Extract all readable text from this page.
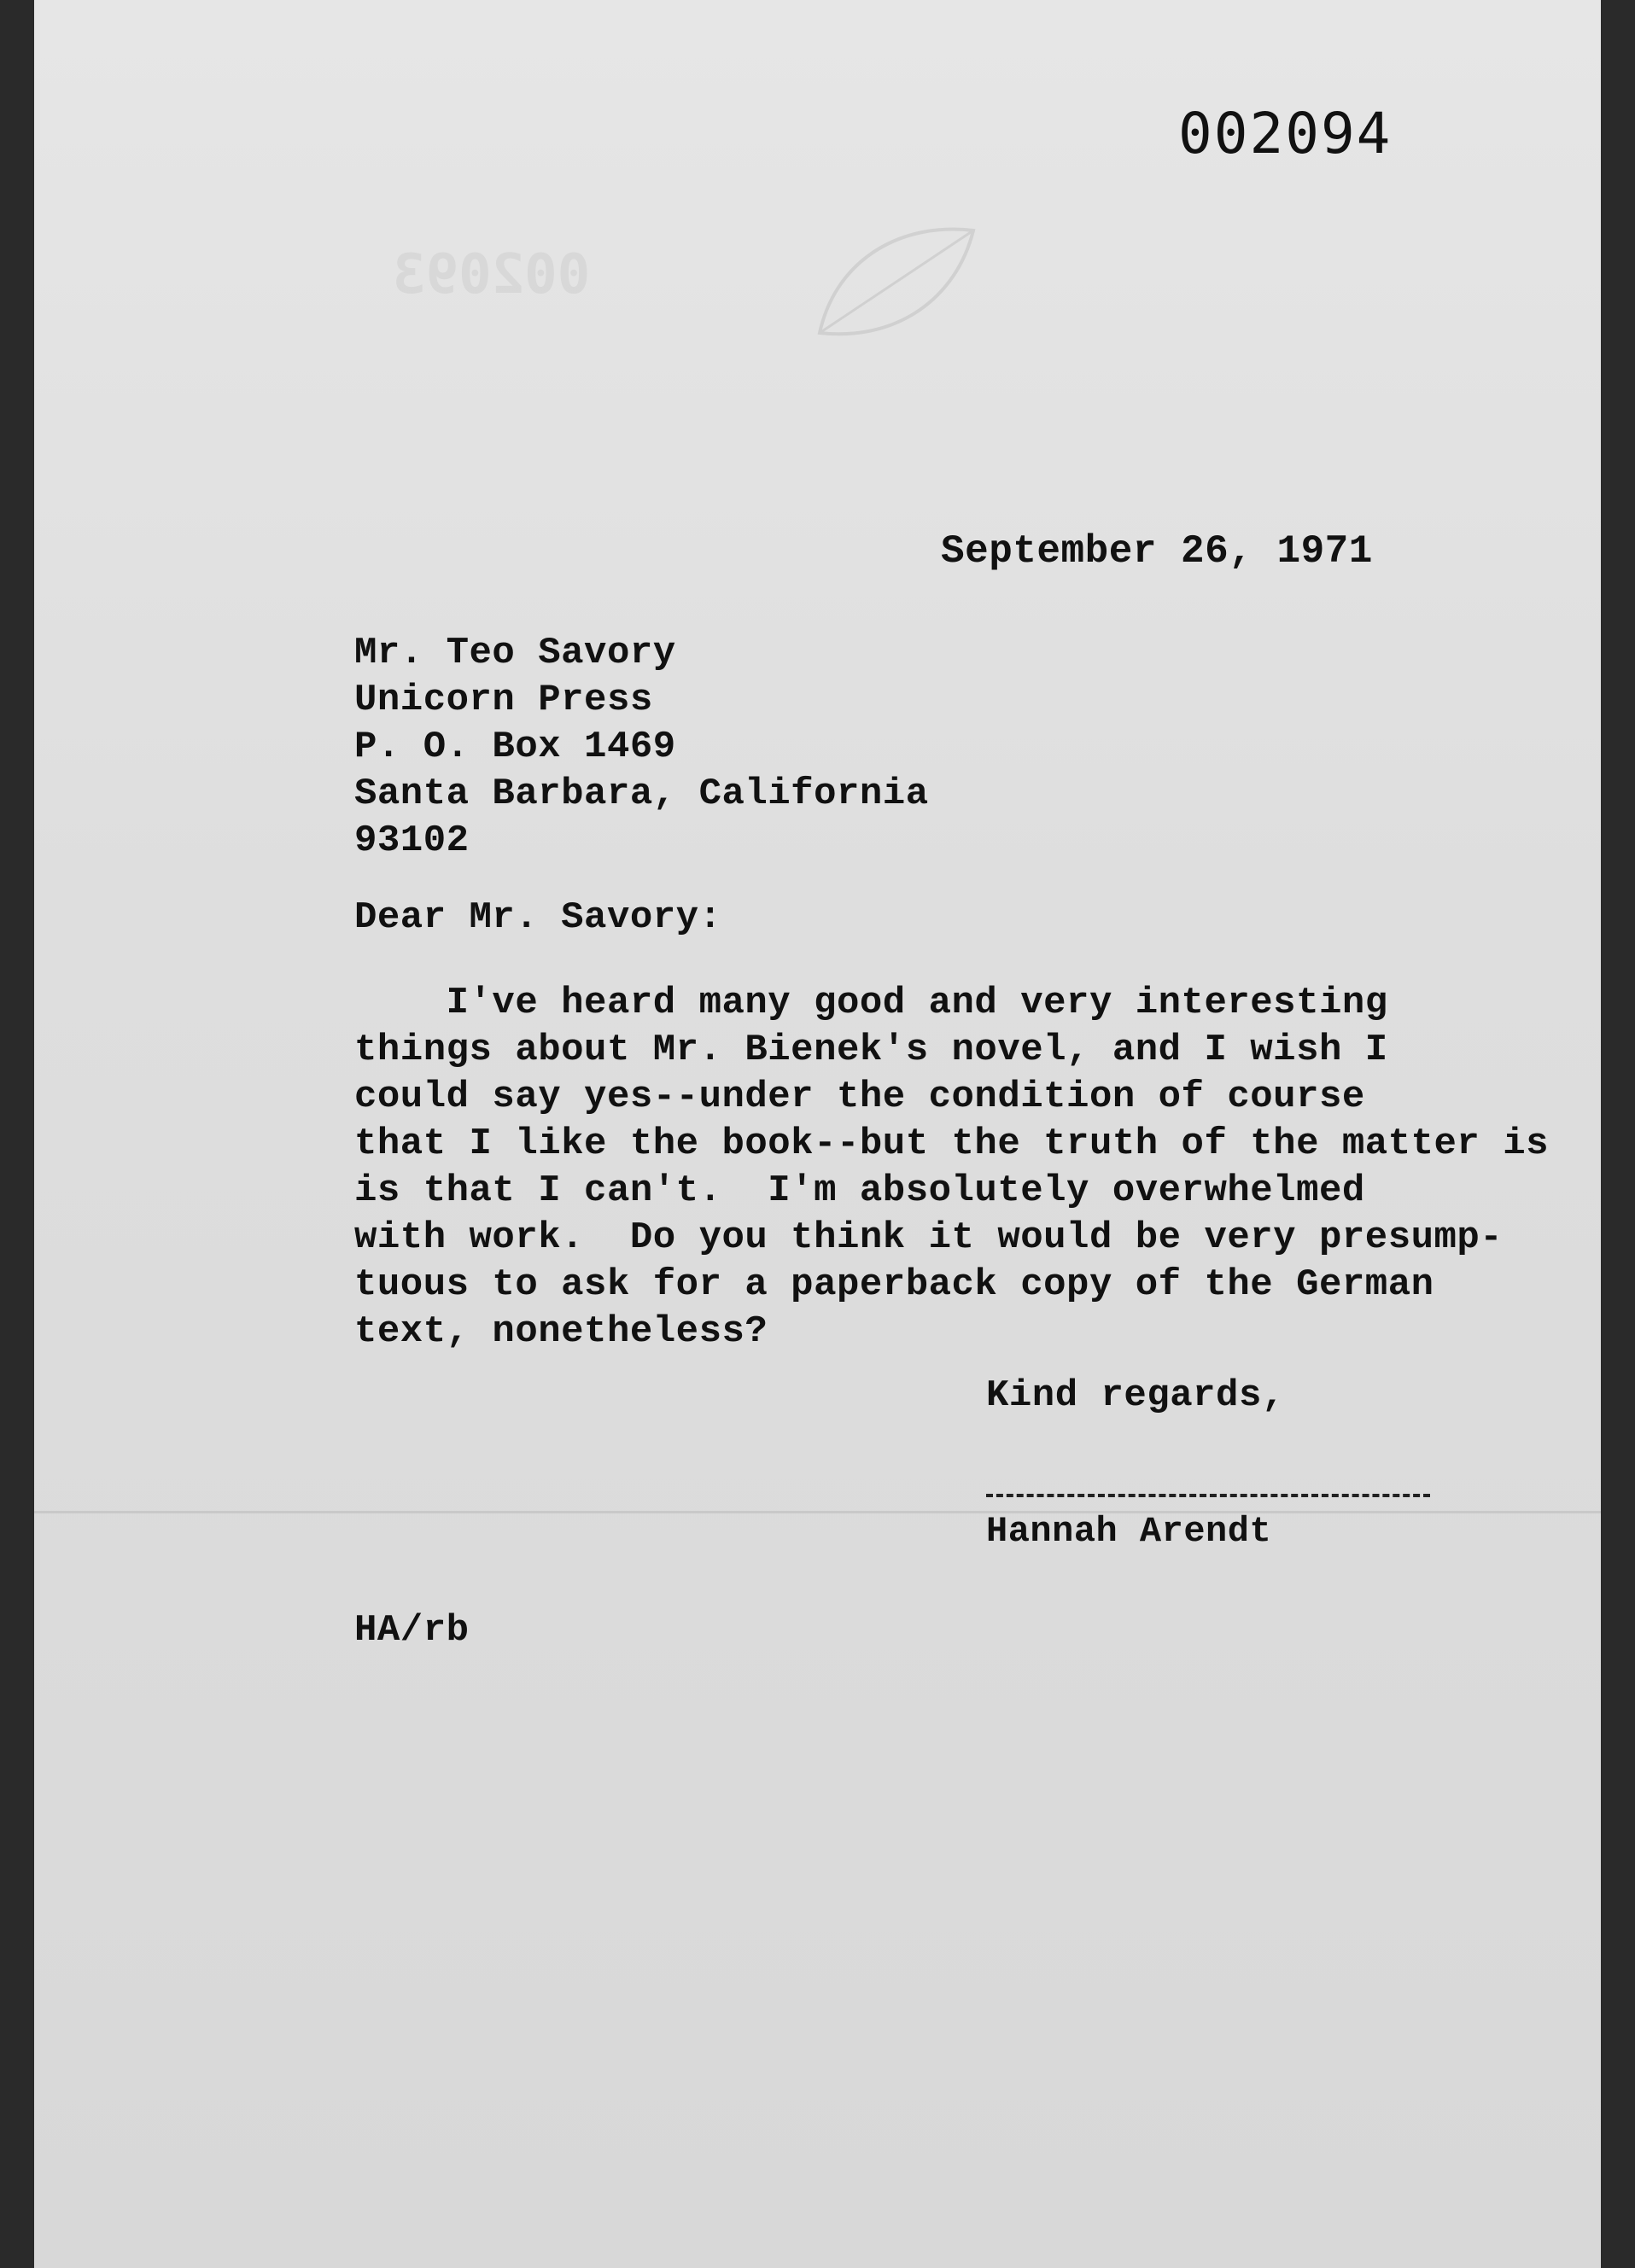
002093
002094
September 26, 1971
Mr. Teo Savory
Unicorn Press
P. O. Box 1469
Santa Barbara, California
93102
Dear Mr. Savory:
I've heard many good and very interesting
things about Mr. Bienek's novel, and I wish I
could say yes--under the condition of course
that I like the book--but the truth of the matter is
is that I can't.  I'm absolutely overwhelmed
with work.  Do you think it would be very presump-
tuous to ask for a paperback copy of the German
text, nonetheless?
Kind regards,
Hannah Arendt
HA/rb
